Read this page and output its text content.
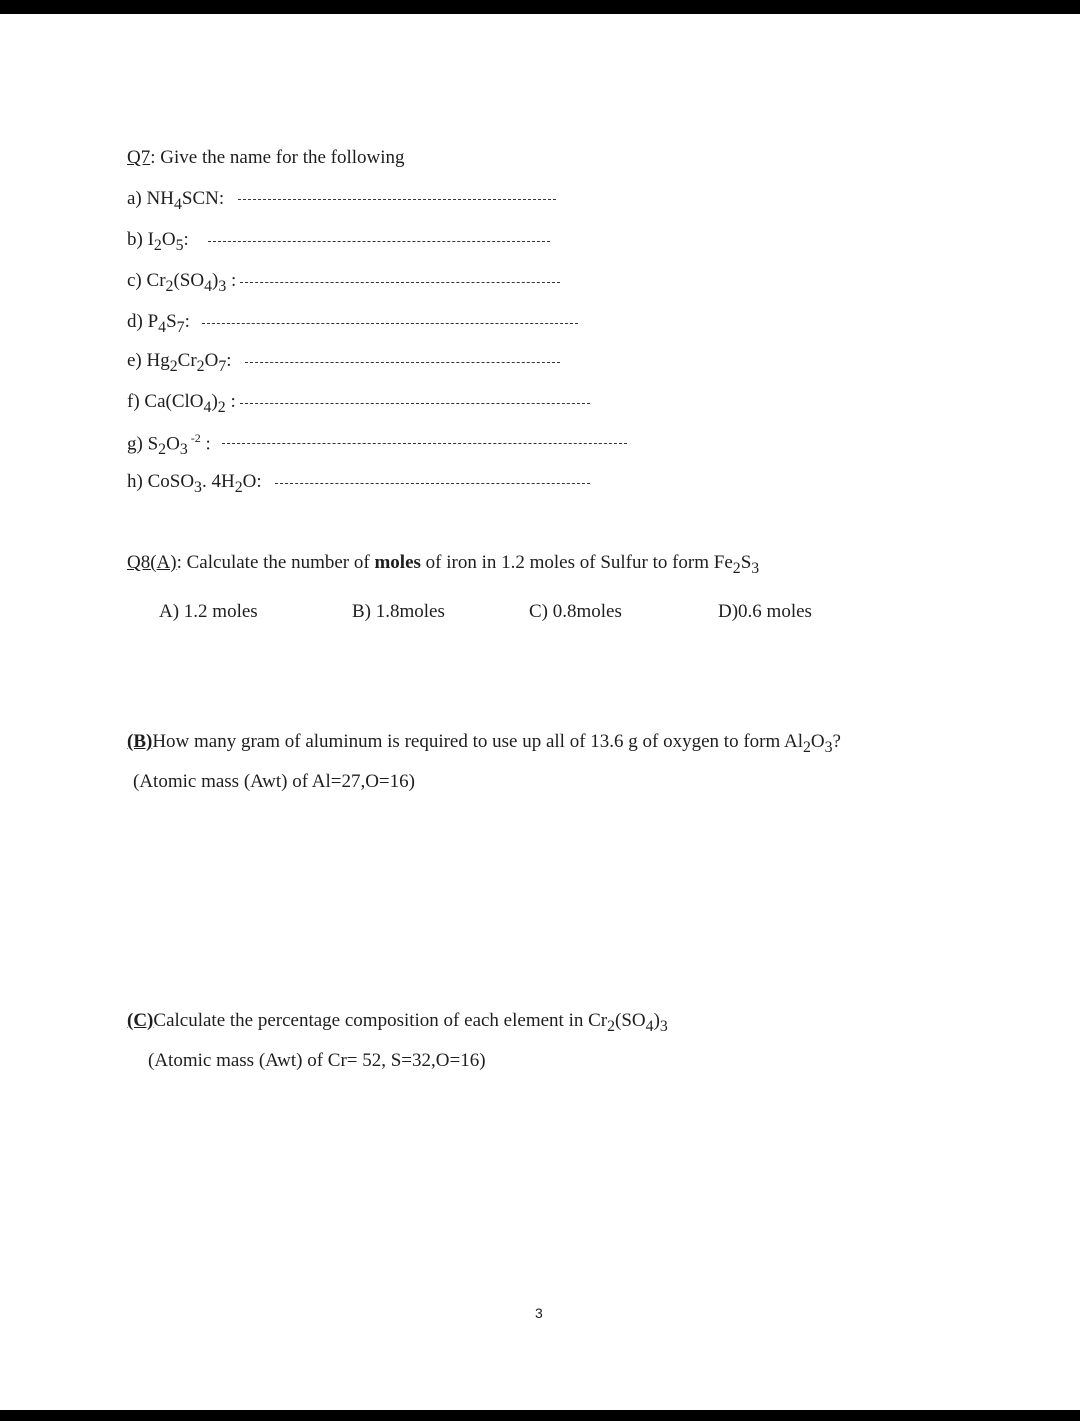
Q7: Give the name for the following
a) $NH_4SCN$:
b) $I_2O_5$:
c) $Cr_2(SO_4)_3$ :
d) $P_4S_7$:
e) $Hg_2Cr_2O_7$:
f) $Ca(ClO_4)_2$ :
g) $S_2O_3$ $^{-2}$ :
h) CoSO$_3$. $4H_2O$:
Q8(A): Calculate the number of moles of iron in 1.2 moles of Sulfur to form $Fe_2S_3$
A) 1.2 moles	B) 1.8moles	C) 0.8moles	D)0.6 moles
(B)How many gram of aluminum is required to use up all of 13.6 g of oxygen to form $Al_2O_3$?
(Atomic mass (Awt) of Al=27,O=16)
(C)Calculate the percentage composition of each element in $Cr_2(SO_4)_3$
(Atomic mass (Awt) of Cr= 52, S=32,O=16)
3
